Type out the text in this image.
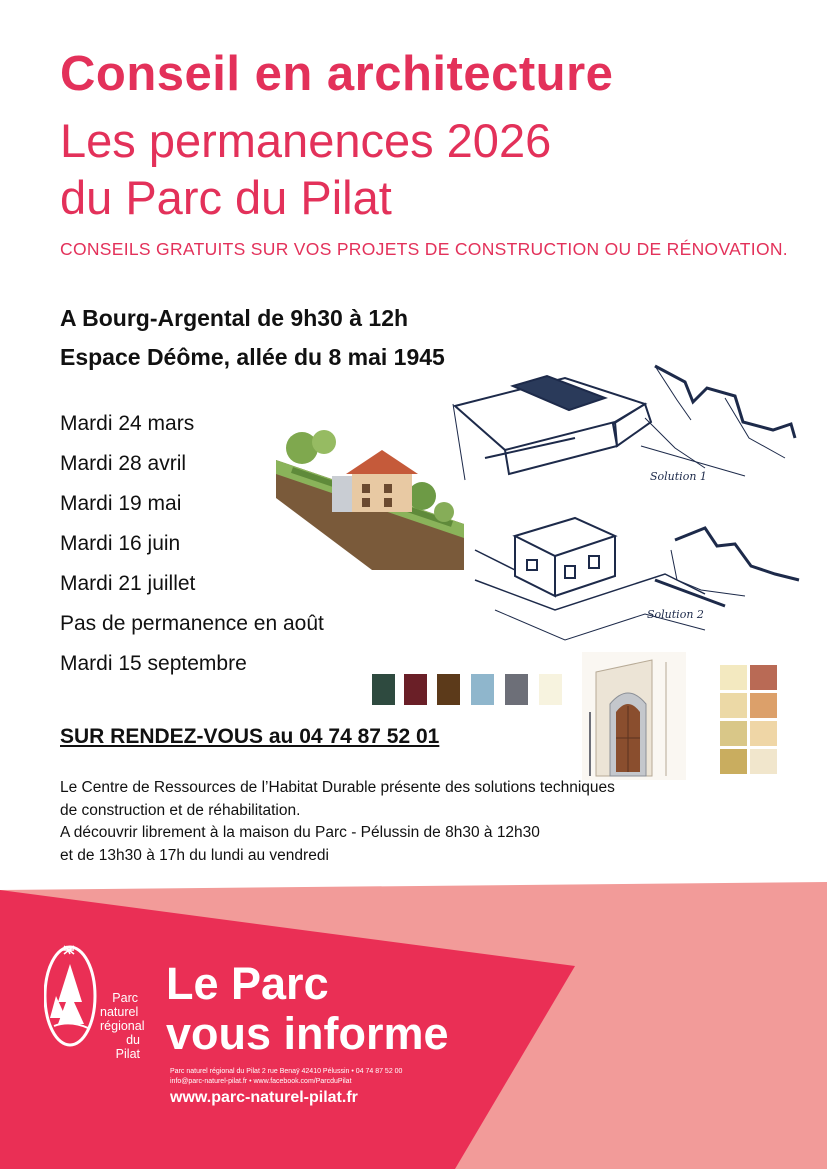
Conseil en architecture
Les permanences 2026
du Parc du Pilat
CONSEILS GRATUITS SUR VOS PROJETS DE CONSTRUCTION OU DE RÉNOVATION.
A Bourg-Argental de 9h30 à 12h
Espace Déôme, allée du 8 mai 1945
Mardi 24 mars
Mardi 28 avril
Mardi 19 mai
Mardi 16 juin
Mardi 21 juillet
Pas de permanence en août
Mardi 15 septembre
Solution 1
Solution 2
SUR RENDEZ-VOUS au 04 74 87 52 01
Le Centre de Ressources de l’Habitat Durable présente des solutions techniques
de construction et de réhabilitation.
A découvrir librement à la maison du Parc - Pélussin de 8h30 à 12h30
et de 13h30 à 17h du lundi au vendredi
Parc
naturel
régional
du Pilat
Le Parc
vous informe
Parc naturel régional du Pilat 2 rue Benaÿ 42410 Pélussin • 04 74 87 52 00
info@parc-naturel-pilat.fr • www.facebook.com/ParcduPilat
www.parc-naturel-pilat.fr
